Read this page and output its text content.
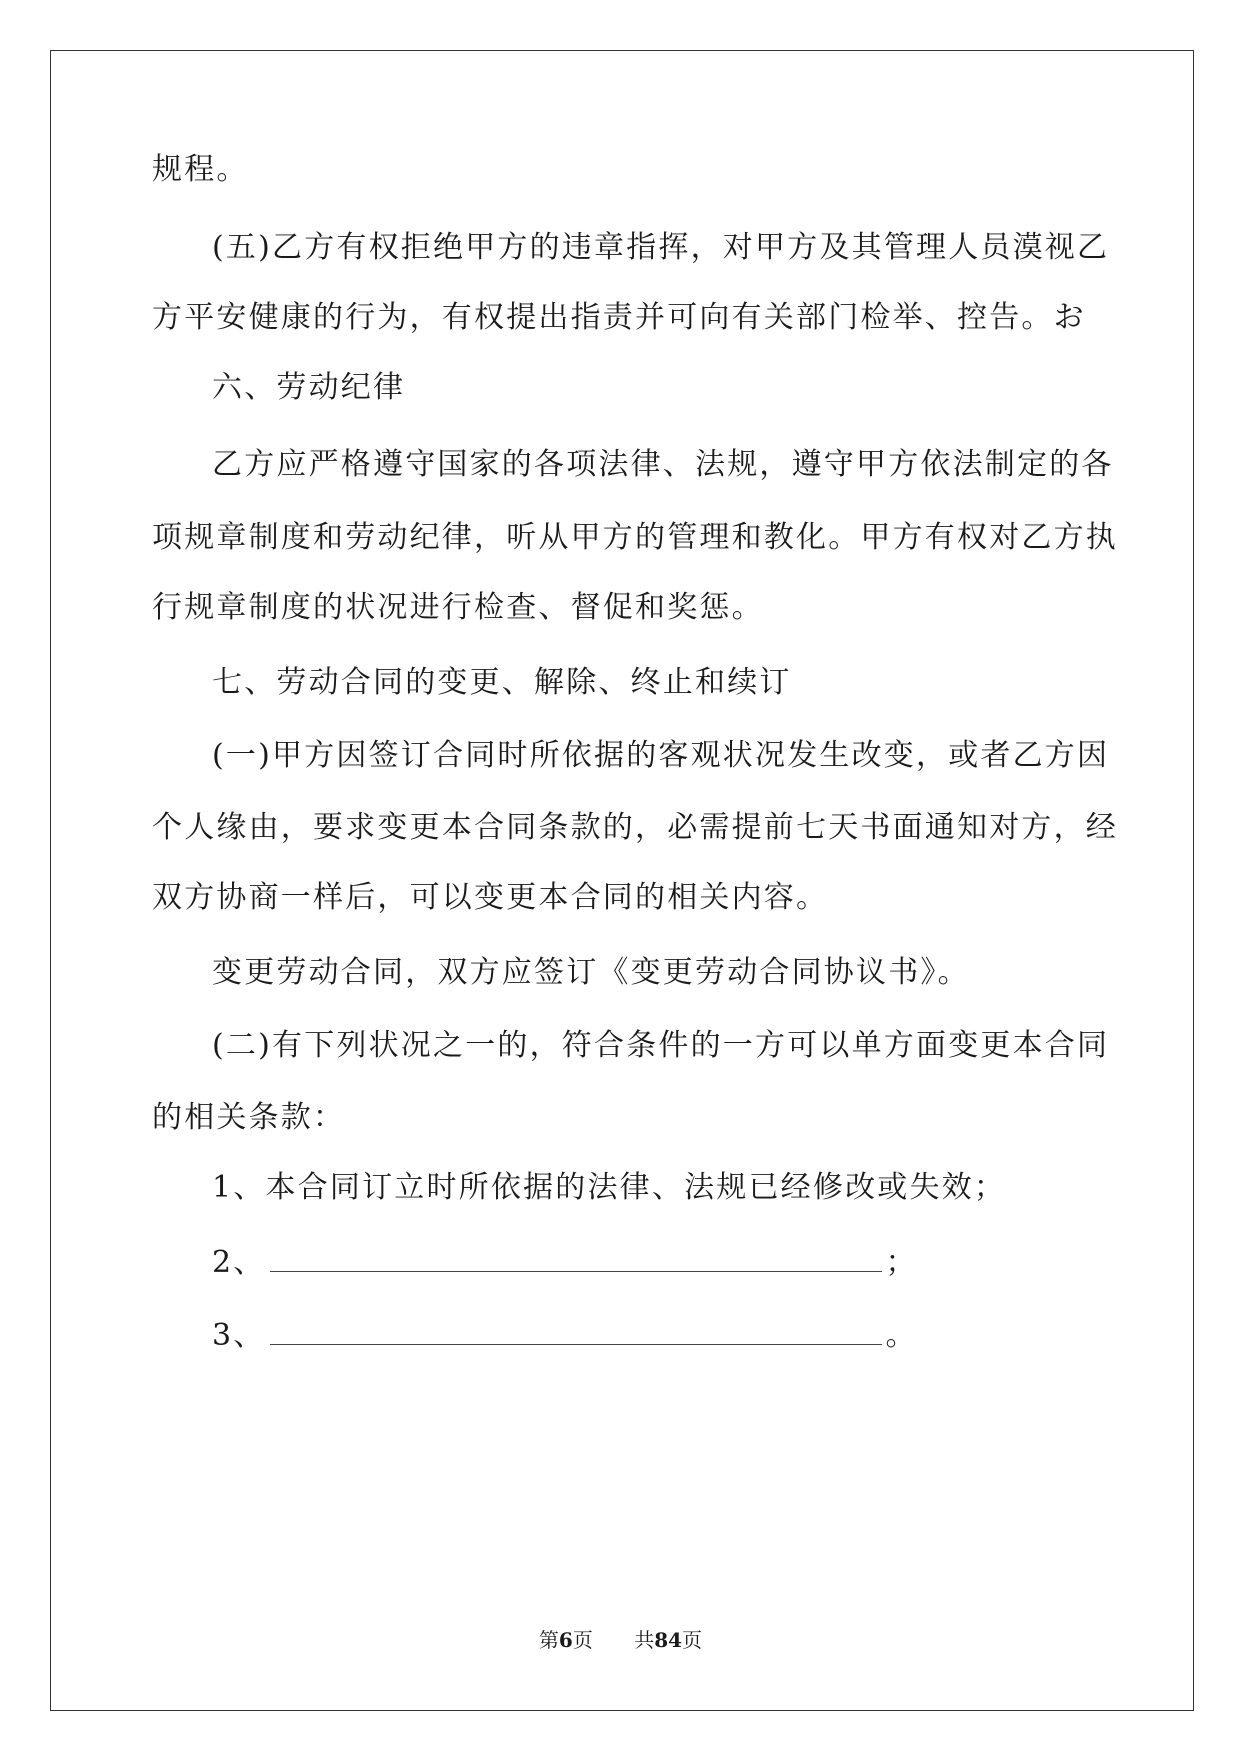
规程。
(五)乙方有权拒绝甲方的违章指挥，对甲方及其管理人员漠视乙
方平安健康的行为，有权提出指责并可向有关部门检举、控告。お
六、劳动纪律
乙方应严格遵守国家的各项法律、法规，遵守甲方依法制定的各
项规章制度和劳动纪律，听从甲方的管理和教化。甲方有权对乙方执
行规章制度的状况进行检查、督促和奖惩。
七、劳动合同的变更、解除、终止和续订
(一)甲方因签订合同时所依据的客观状况发生改变，或者乙方因
个人缘由，要求变更本合同条款的，必需提前七天书面通知对方，经
双方协商一样后，可以变更本合同的相关内容。
变更劳动合同，双方应签订《变更劳动合同协议书》。
(二)有下列状况之一的，符合条件的一方可以单方面变更本合同
的相关条款：
1、本合同订立时所依据的法律、法规已经修改或失效；
2、	；
3、	。
第6页 共84页
